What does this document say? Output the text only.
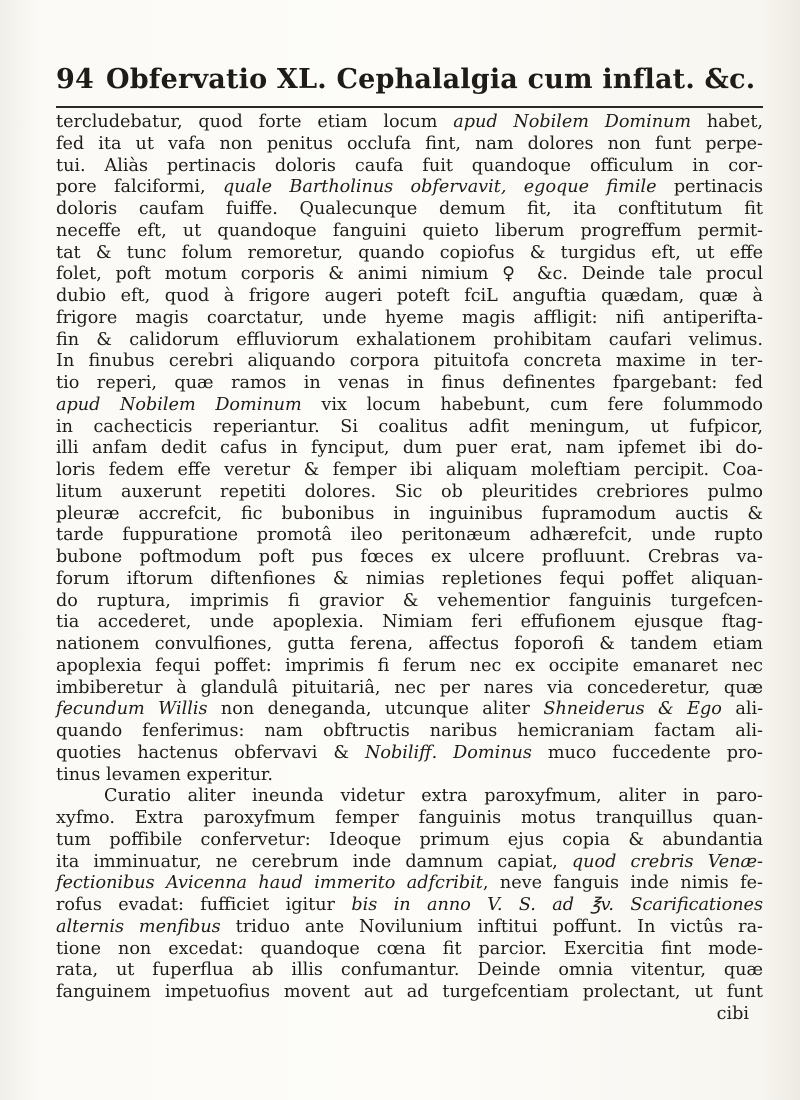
94 Obfervatio XL. Cephalalgia cum inflat. &c.
tercludebatur, quod forte etiam locum apud Nobilem Dominum habet,
fed ita ut vafa non penitus occlufa fint, nam dolores non funt perpe-
tui. Aliàs pertinacis doloris caufa fuit quandoque officulum in cor-
pore falciformi, quale Bartholinus obfervavit, egoque fimile pertinacis
doloris caufam fuiffe. Qualecunque demum fit, ita conftitutum fit
neceffe eft, ut quandoque fanguini quieto liberum progreffum permit-
tat & tunc folum remoretur, quando copiofus & turgidus eft, ut effe
folet, poft motum corporis & animi nimium ♀ &c. Deinde tale procul
dubio eft, quod à frigore augeri poteft fciL anguftia quædam, quæ à
frigore magis coarctatur, unde hyeme magis affligit: nifi antiperifta-
fin & calidorum effluviorum exhalationem prohibitam caufari velimus.
In finubus cerebri aliquando corpora pituitofa concreta maxime in ter-
tio reperi, quæ ramos in venas in finus definentes fpargebant: fed
apud Nobilem Dominum vix locum habebunt, cum fere folummodo
in cachecticis reperiantur. Si coalitus adfit meningum, ut fufpicor,
illi anfam dedit cafus in fynciput, dum puer erat, nam ipfemet ibi do-
loris fedem effe veretur & femper ibi aliquam moleftiam percipit. Coa-
litum auxerunt repetiti dolores. Sic ob pleuritides crebriores pulmo
pleuræ accrefcit, fic bubonibus in inguinibus fupramodum auctis &
tarde fuppuratione promotâ ileo peritonæum adhærefcit, unde rupto
bubone poftmodum poft pus fœces ex ulcere profluunt. Crebras va-
forum iftorum diftenfiones & nimias repletiones fequi poffet aliquan-
do ruptura, imprimis fi gravior & vehementior fanguinis turgefcen-
tia accederet, unde apoplexia. Nimiam feri effufionem ejusque ftag-
nationem convulfiones, gutta ferena, affectus foporofi & tandem etiam
apoplexia fequi poffet: imprimis fi ferum nec ex occipite emanaret nec
imbiberetur à glandulâ pituitariâ, nec per nares via concederetur, quæ
fecundum Willis non deneganda, utcunque aliter Shneiderus & Ego ali-
quando fenferimus: nam obftructis naribus hemicraniam factam ali-
quoties hactenus obfervavi & Nobiliff. Dominus muco fuccedente pro-
tinus levamen experitur.
Curatio aliter ineunda videtur extra paroxyfmum, aliter in paro-
xyfmo. Extra paroxyfmum femper fanguinis motus tranquillus quan-
tum poffibile confervetur: Ideoque primum ejus copia & abundantia
ita imminuatur, ne cerebrum inde damnum capiat, quod crebris Venæ-
fectionibus Avicenna haud immerito adfcribit, neve fanguis inde nimis fe-
rofus evadat: fufficiet igitur bis in anno V. S. ad ℥v. Scarificationes
alternis menfibus triduo ante Novilunium inftitui poffunt. In victûs ra-
tione non excedat: quandoque cœna fit parcior. Exercitia fint mode-
rata, ut fuperflua ab illis confumantur. Deinde omnia vitentur, quæ
fanguinem impetuofius movent aut ad turgefcentiam prolectant, ut funt
cibi
